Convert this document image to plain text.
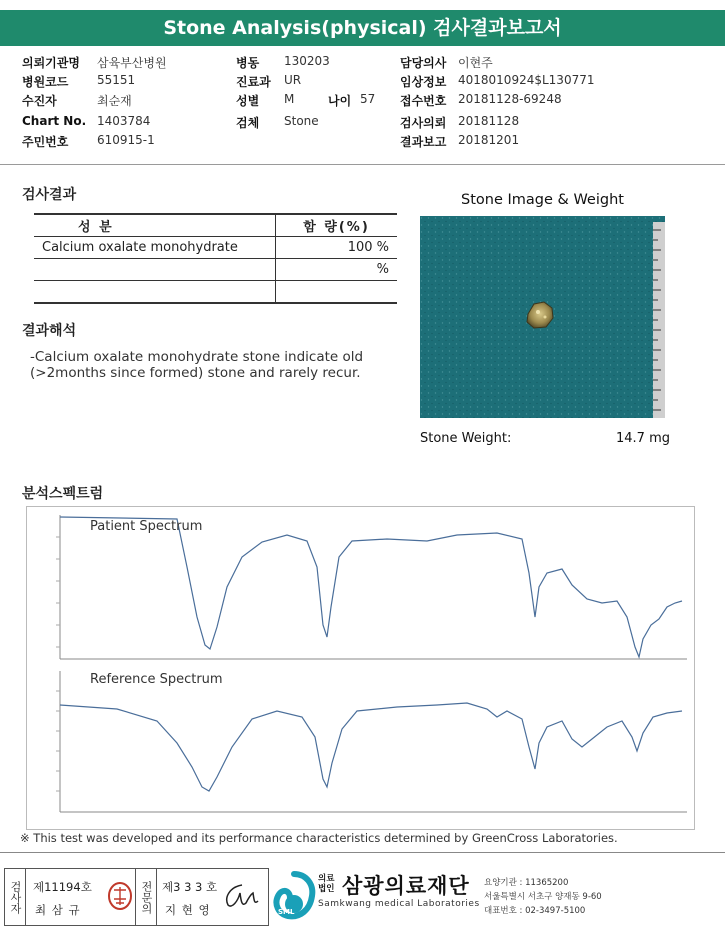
Stone Analysis(physical) 검사결과보고서
의뢰기관명 삼육부산병원	병동 130203	담당의사 이현주
병원코드 55151	진료과 UR	임상정보 4018010924$L130771
수진자	최순재	성별 M	나이 57 접수번호 20181128-69248
Chart No. 1403784	검체 Stone	검사의뢰 20181128
주민번호 610915-1	결과보고 20181201
검사결과
성 분	함 량(%)
Calcium oxalate monohydrate	100 %
	%

결과해석
-Calcium oxalate monohydrate stone indicate old (>2months since formed) stone and rarely recur.
Stone Image & Weight
Stone Weight:	14.7 mg
분석스펙트럼
Patient Spectrum
Reference Spectrum
※ This test was developed and its performance characteristics determined by GreenCross Laboratories.
검사자 제11194호
최 삼 규	전문의 제3 3 3 호
지 현 영	SML
의료법인 삼광의료재단
Samkwang medical Laboratories
요양기관 : 11365200
서울특별시 서초구 양재동 9-60
대표번호 : 02-3497-5100
